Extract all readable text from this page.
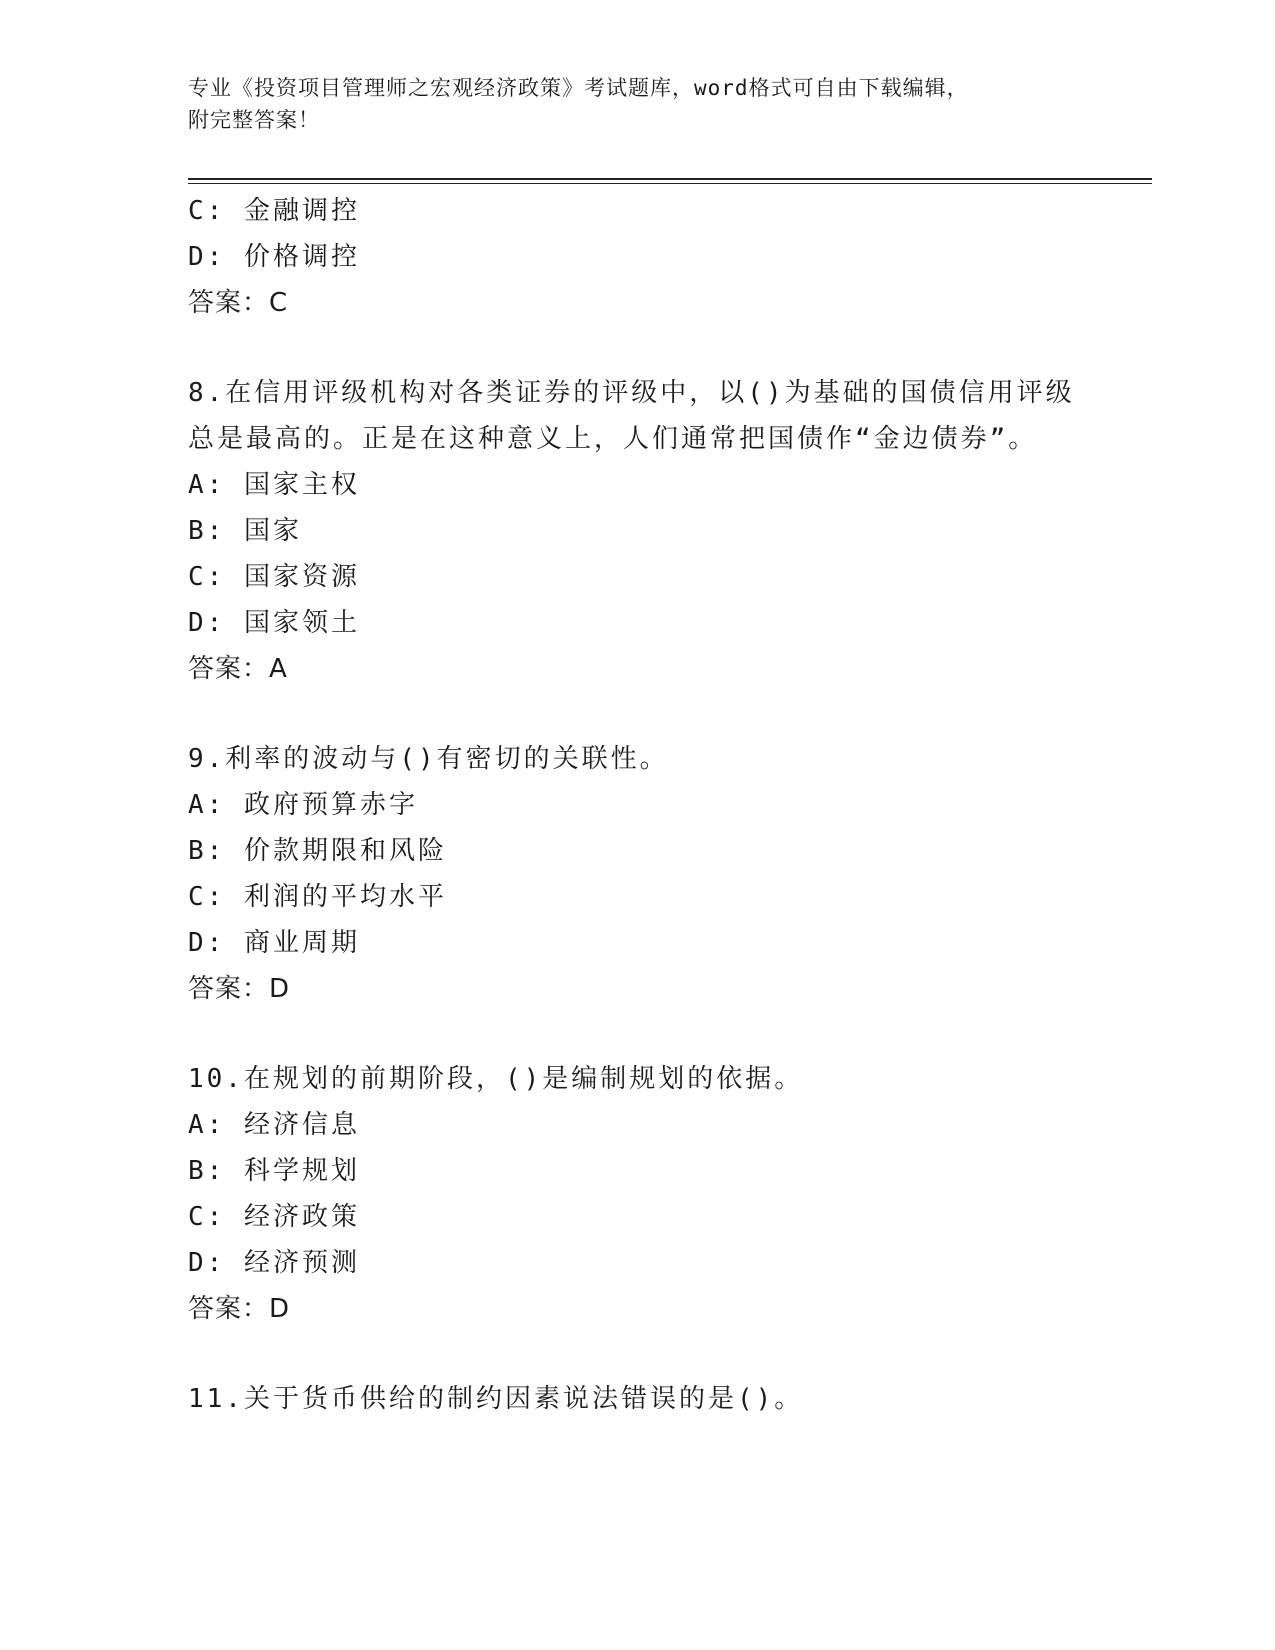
专业《投资项目管理师之宏观经济政策》考试题库，word格式可自由下载编辑，
附完整答案！
C: 金融调控
D: 价格调控
答案：C
8.在信用评级机构对各类证券的评级中，以()为基础的国债信用评级
总是最高的。正是在这种意义上，人们通常把国债作“金边债券”。
A: 国家主权
B: 国家
C: 国家资源
D: 国家领土
答案：A
9.利率的波动与()有密切的关联性。
A: 政府预算赤字
B: 价款期限和风险
C: 利润的平均水平
D: 商业周期
答案：D
10.在规划的前期阶段，()是编制规划的依据。
A: 经济信息
B: 科学规划
C: 经济政策
D: 经济预测
答案：D
11.关于货币供给的制约因素说法错误的是()。
